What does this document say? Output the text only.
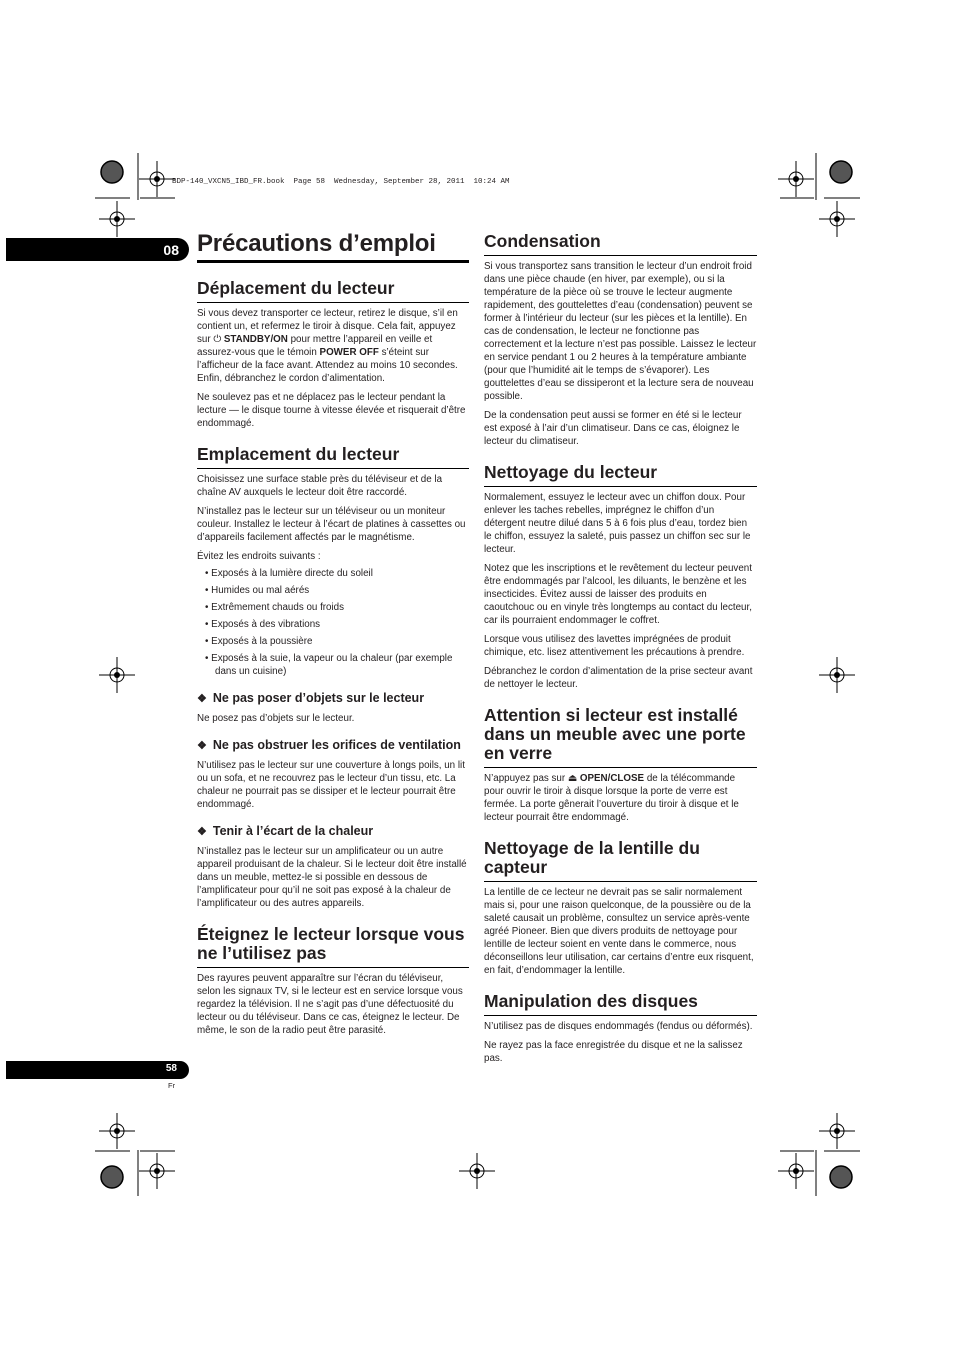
BDP-140_VXCN5_IBD_FR.book  Page 58  Wednesday, September 28, 2011  10:24 AM
08
58
Fr
Précautions d’emploi
Déplacement du lecteur

Si vous devez transporter ce lecteur, retirez le disque, s’il en contient un, et refermez le tiroir à disque. Cela fait, appuyez sur ⏻ STANDBY/ON pour mettre l’appareil en veille et assurez-vous que le témoin POWER OFF s’éteint sur l’afficheur de la face avant. Attendez au moins 10 secondes. Enfin, débranchez le cordon d’alimentation.

Ne soulevez pas et ne déplacez pas le lecteur pendant la lecture — le disque tourne à vitesse élevée et risquerait d’être endommagé.

Emplacement du lecteur

Choisissez une surface stable près du téléviseur et de la chaîne AV auxquels le lecteur doit être raccordé.

N’installez pas le lecteur sur un téléviseur ou un moniteur couleur. Installez le lecteur à l’écart de platines à cassettes ou d’appareils facilement affectés par le magnétisme.

Évitez les endroits suivants :

• Exposés à la lumière directe du soleil
• Humides ou mal aérés
• Extrêmement chauds ou froids
• Exposés à des vibrations
• Exposés à la poussière
• Exposés à la suie, la vapeur ou la chaleur (par exemple dans un cuisine)
❖ Ne pas poser d’objets sur le lecteur

Ne posez pas d’objets sur le lecteur.

❖ Ne pas obstruer les orifices de ventilation

N’utilisez pas le lecteur sur une couverture à longs poils, un lit ou un sofa, et ne recouvrez pas le lecteur d’un tissu, etc. La chaleur ne pourrait pas se dissiper et le lecteur pourrait être endommagé.

❖ Tenir à l’écart de la chaleur

N’installez pas le lecteur sur un amplificateur ou un autre appareil produisant de la chaleur. Si le lecteur doit être installé dans un meuble, mettez-le si possible en dessous de l’amplificateur pour qu’il ne soit pas exposé à la chaleur de l’amplificateur ou des autres appareils.

Éteignez le lecteur lorsque vous ne l’utilisez pas

Des rayures peuvent apparaître sur l’écran du téléviseur, selon les signaux TV, si le lecteur est en service lorsque vous regardez la télévision. Il ne s’agit pas d’une défectuosité du lecteur ou du téléviseur. Dans ce cas, éteignez le lecteur. De même, le son de la radio peut être parasité.

Condensation

Si vous transportez sans transition le lecteur d’un endroit froid dans une pièce chaude (en hiver, par exemple), ou si la température de la pièce où se trouve le lecteur augmente rapidement, des gouttelettes d’eau (condensation) peuvent se former à l’intérieur du lecteur (sur les pièces et la lentille). En cas de condensation, le lecteur ne fonctionne pas correctement et la lecture n’est pas possible. Laissez le lecteur en service pendant 1 ou 2 heures à la température ambiante (pour que l’humidité ait le temps de s’évaporer). Les gouttelettes d’eau se dissiperont et la lecture sera de nouveau possible.

De la condensation peut aussi se former en été si le lecteur est exposé à l’air d’un climatiseur. Dans ce cas, éloignez le lecteur du climatiseur.

Nettoyage du lecteur

Normalement, essuyez le lecteur avec un chiffon doux. Pour enlever les taches rebelles, imprégnez le chiffon d’un détergent neutre dilué dans 5 à 6 fois plus d’eau, tordez bien le chiffon, essuyez la saleté, puis passez un chiffon sec sur le lecteur.

Notez que les inscriptions et le revêtement du lecteur peuvent être endommagés par l’alcool, les diluants, le benzène et les insecticides. Évitez aussi de laisser des produits en caoutchouc ou en vinyle très longtemps au contact du lecteur, car ils pourraient endommager le coffret.

Lorsque vous utilisez des lavettes imprégnées de produit chimique, etc. lisez attentivement les précautions à prendre.

Débranchez le cordon d’alimentation de la prise secteur avant de nettoyer le lecteur.

Attention si lecteur est installé dans un meuble avec une porte en verre

N’appuyez pas sur ⏏ OPEN/CLOSE de la télécommande pour ouvrir le tiroir à disque lorsque la porte de verre est fermée. La porte gênerait l’ouverture du tiroir à disque et le lecteur pourrait être endommagé.

Nettoyage de la lentille du capteur

La lentille de ce lecteur ne devrait pas se salir normalement mais si, pour une raison quelconque, de la poussière ou de la saleté causait un problème, consultez un service après-vente agréé Pioneer. Bien que divers produits de nettoyage pour lentille de lecteur soient en vente dans le commerce, nous déconseillons leur utilisation, car certains d’entre eux risquent, en fait, d’endommager la lentille.

Manipulation des disques

N’utilisez pas de disques endommagés (fendus ou déformés).

Ne rayez pas la face enregistrée du disque et ne la salissez pas.
